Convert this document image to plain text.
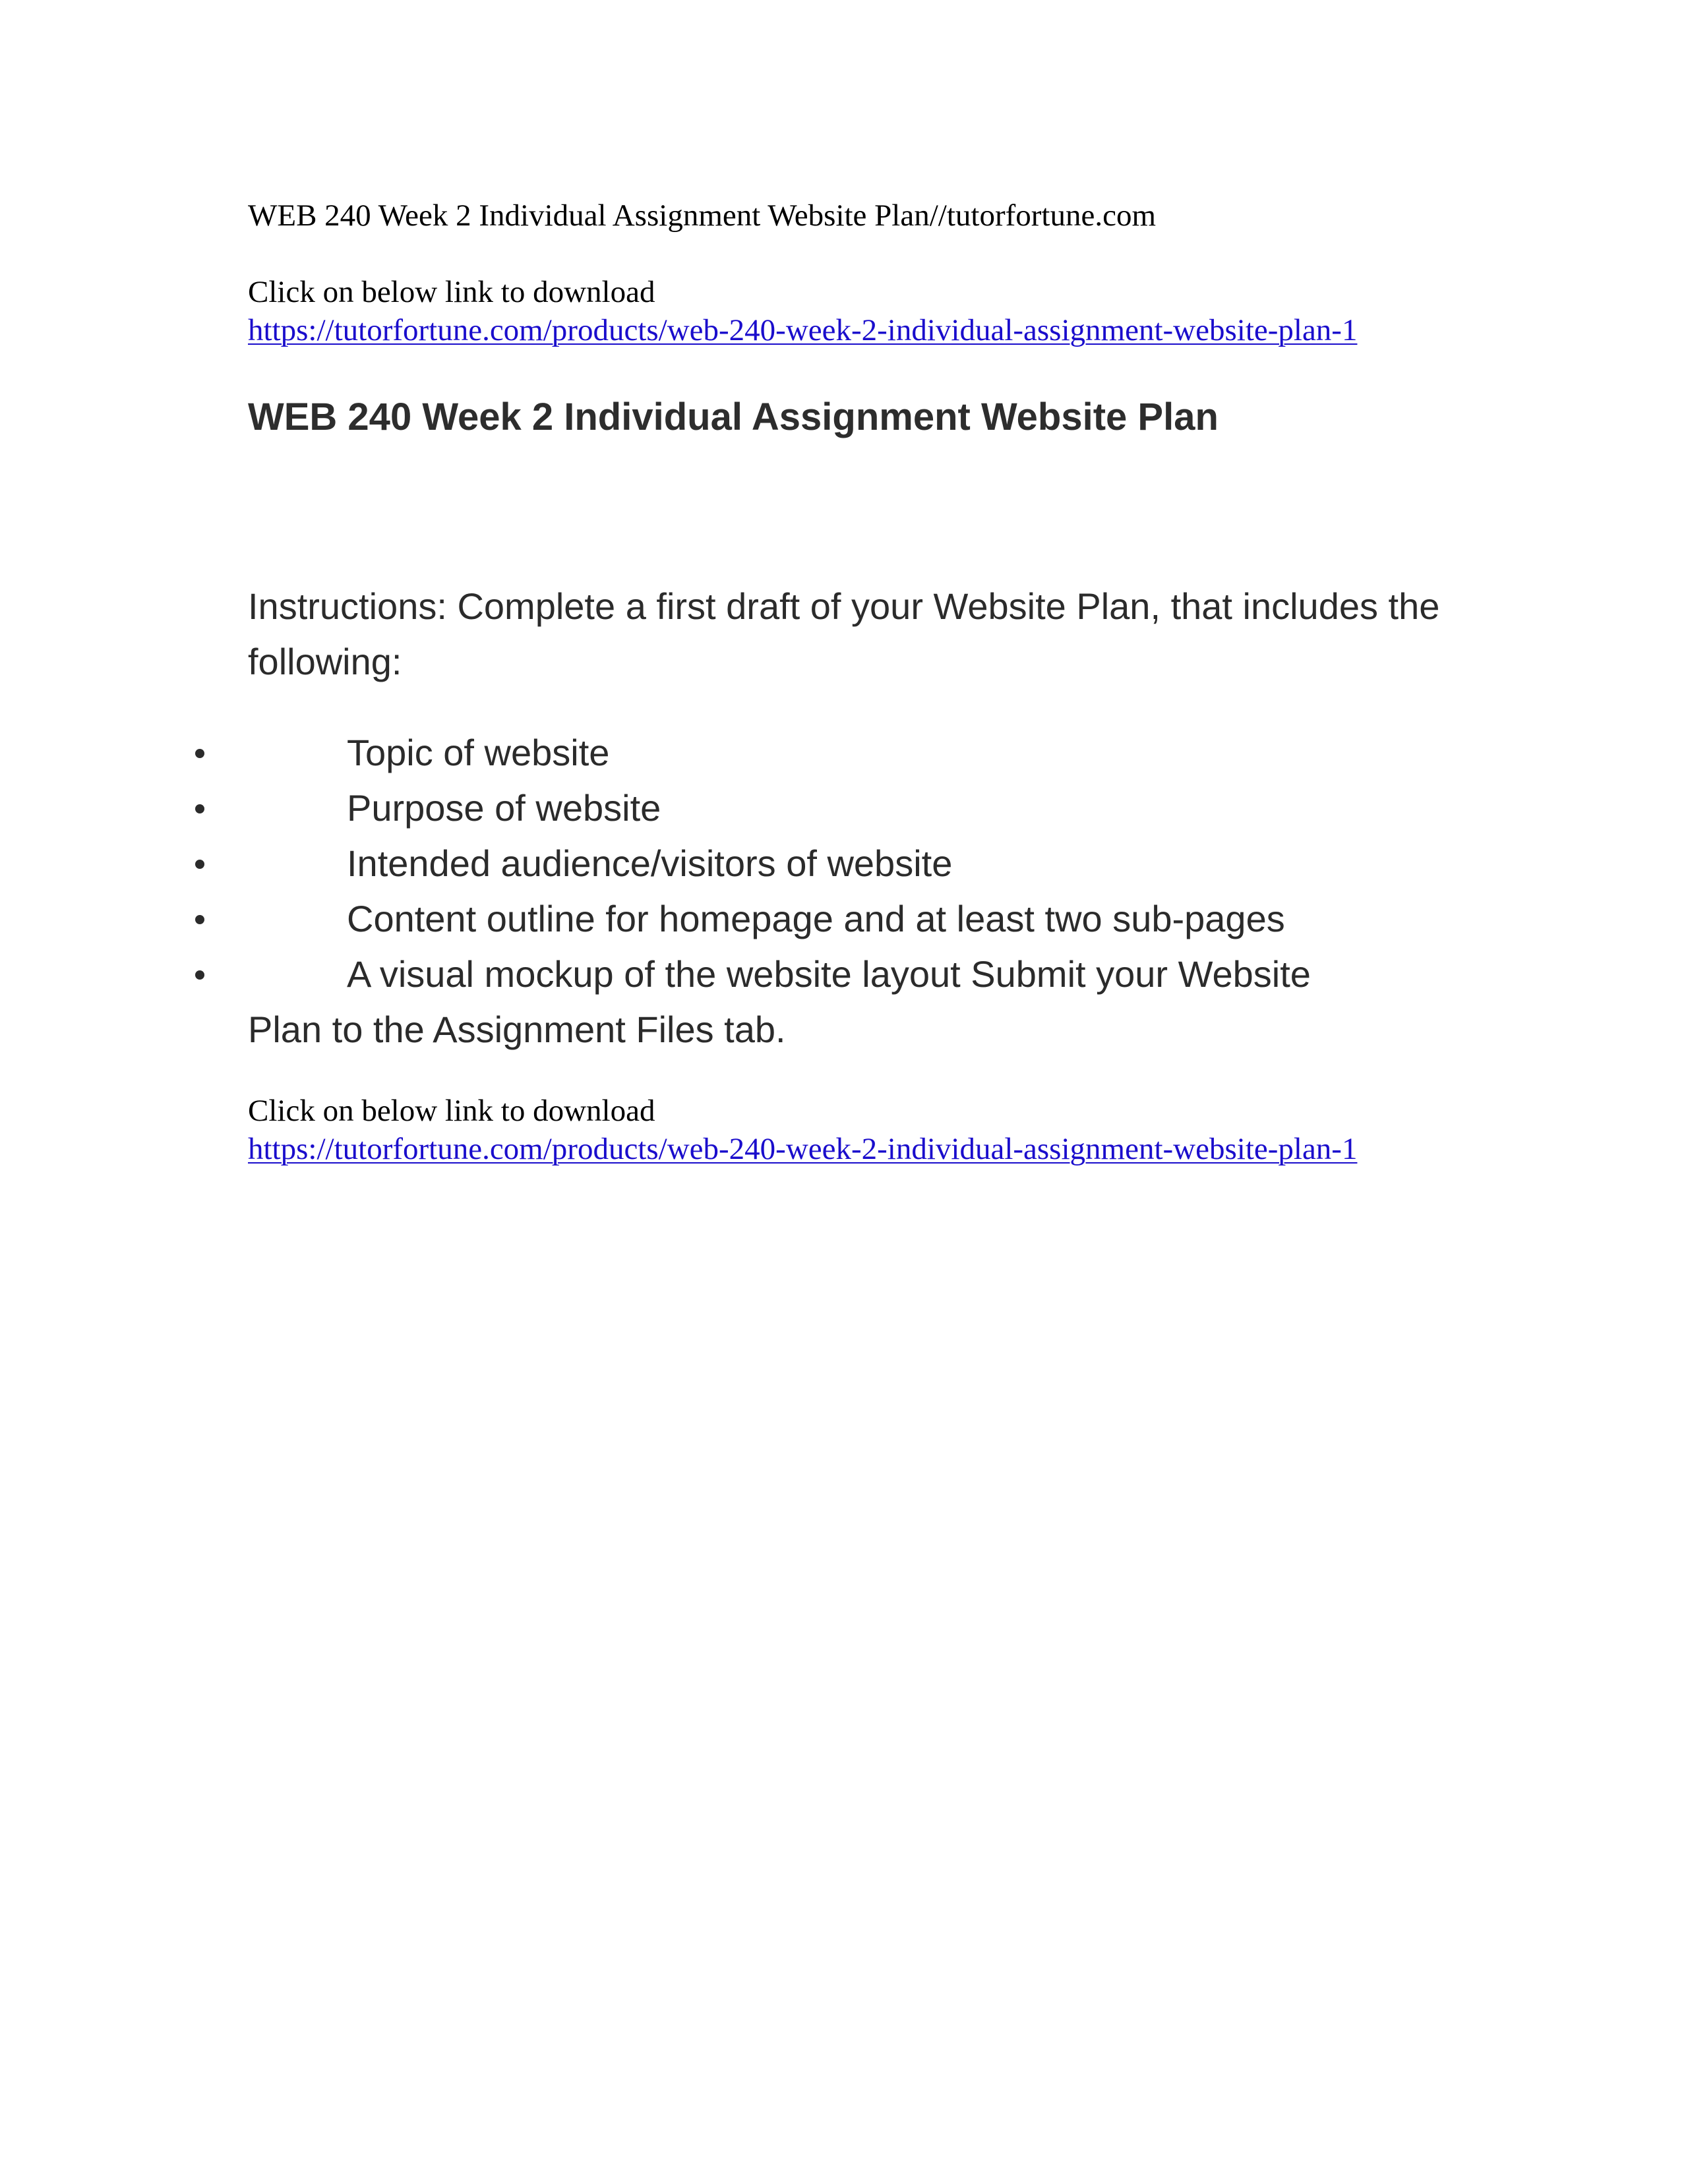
WEB 240 Week 2 Individual Assignment Website Plan//tutorfortune.com

Click on below link to download

https://tutorfortune.com/products/web-240-week-2-individual-assignment-website-plan-1
WEB 240 Week 2 Individual Assignment Website Plan

Instructions: Complete a first draft of your Website Plan, that includes the following:

Topic of website
Purpose of website
Intended audience/visitors of website
Content outline for homepage and at least two sub-pages
A visual mockup of the website layout Submit your Website

Plan to the Assignment Files tab.

Click on below link to download

https://tutorfortune.com/products/web-240-week-2-individual-assignment-website-plan-1
